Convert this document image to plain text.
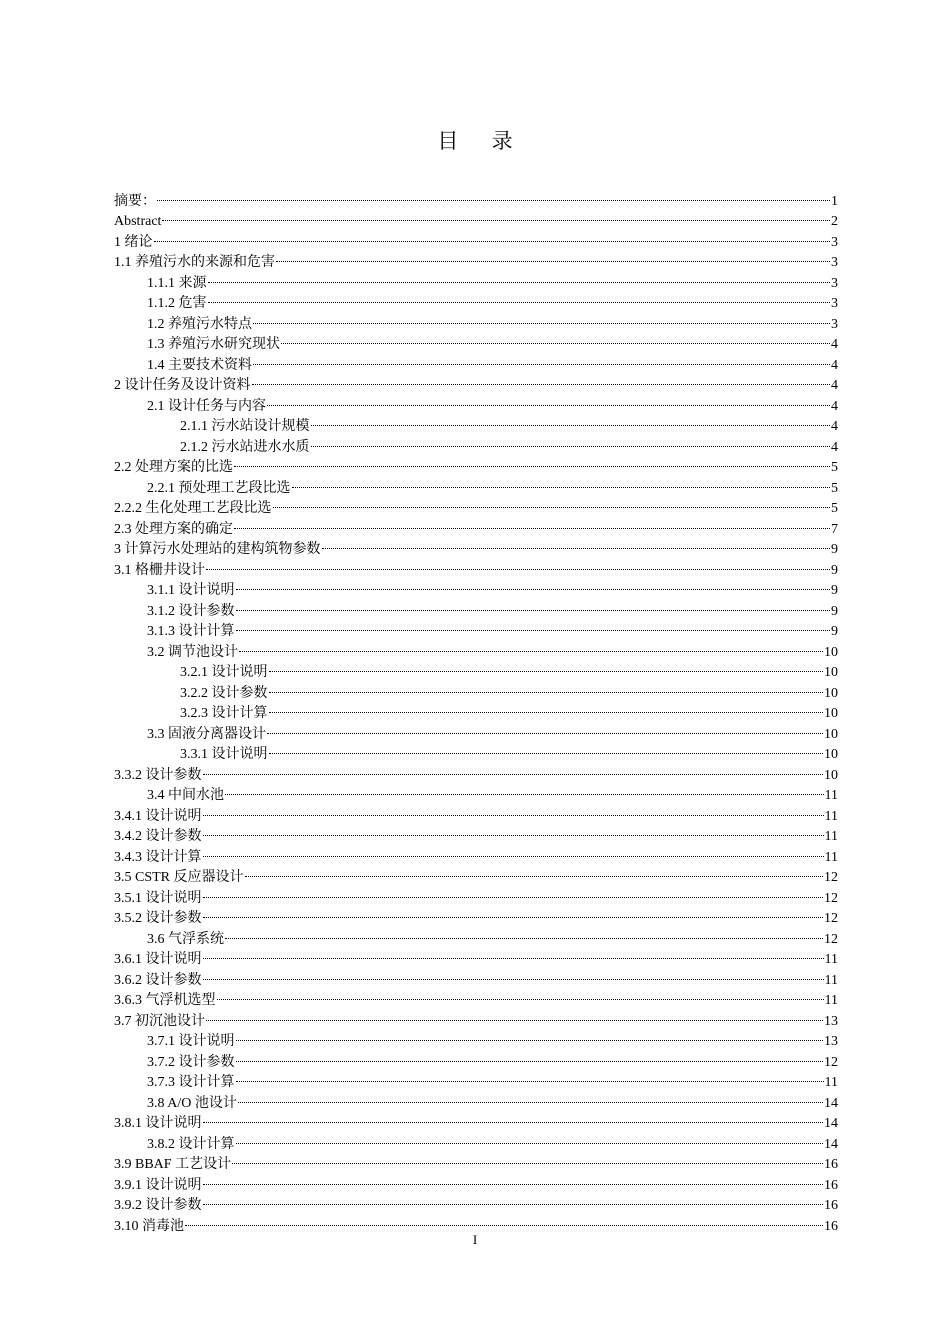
目 录
摘要：	1
Abstract	2
1 绪论	3
1.1 养殖污水的来源和危害	3
1.1.1 来源	3
1.1.2 危害	3
1.2 养殖污水特点	3
1.3 养殖污水研究现状	4
1.4 主要技术资料	4
2 设计任务及设计资料	4
2.1 设计任务与内容	4
2.1.1 污水站设计规模	4
2.1.2 污水站进水水质	4
2.2 处理方案的比选	5
2.2.1 预处理工艺段比选	5
2.2.2 生化处理工艺段比选	5
2.3 处理方案的确定	7
3 计算污水处理站的建构筑物参数	9
3.1 格栅井设计	9
3.1.1 设计说明	9
3.1.2 设计参数	9
3.1.3 设计计算	9
3.2 调节池设计	10
3.2.1 设计说明	10
3.2.2 设计参数	10
3.2.3 设计计算	10
3.3 固液分离器设计	10
3.3.1 设计说明	10
3.3.2 设计参数	10
3.4 中间水池	11
3.4.1 设计说明	11
3.4.2 设计参数	11
3.4.3 设计计算	11
3.5 CSTR 反应器设计	12
3.5.1 设计说明	12
3.5.2 设计参数	12
3.6 气浮系统	12
3.6.1 设计说明	11
3.6.2 设计参数	11
3.6.3 气浮机选型	11
3.7 初沉池设计	13
3.7.1 设计说明	13
3.7.2 设计参数	12
3.7.3 设计计算	11
3.8 A/O 池设计	14
3.8.1 设计说明	14
3.8.2 设计计算	14
3.9 BBAF 工艺设计	16
3.9.1 设计说明	16
3.9.2 设计参数	16
3.10 消毒池	16
I
